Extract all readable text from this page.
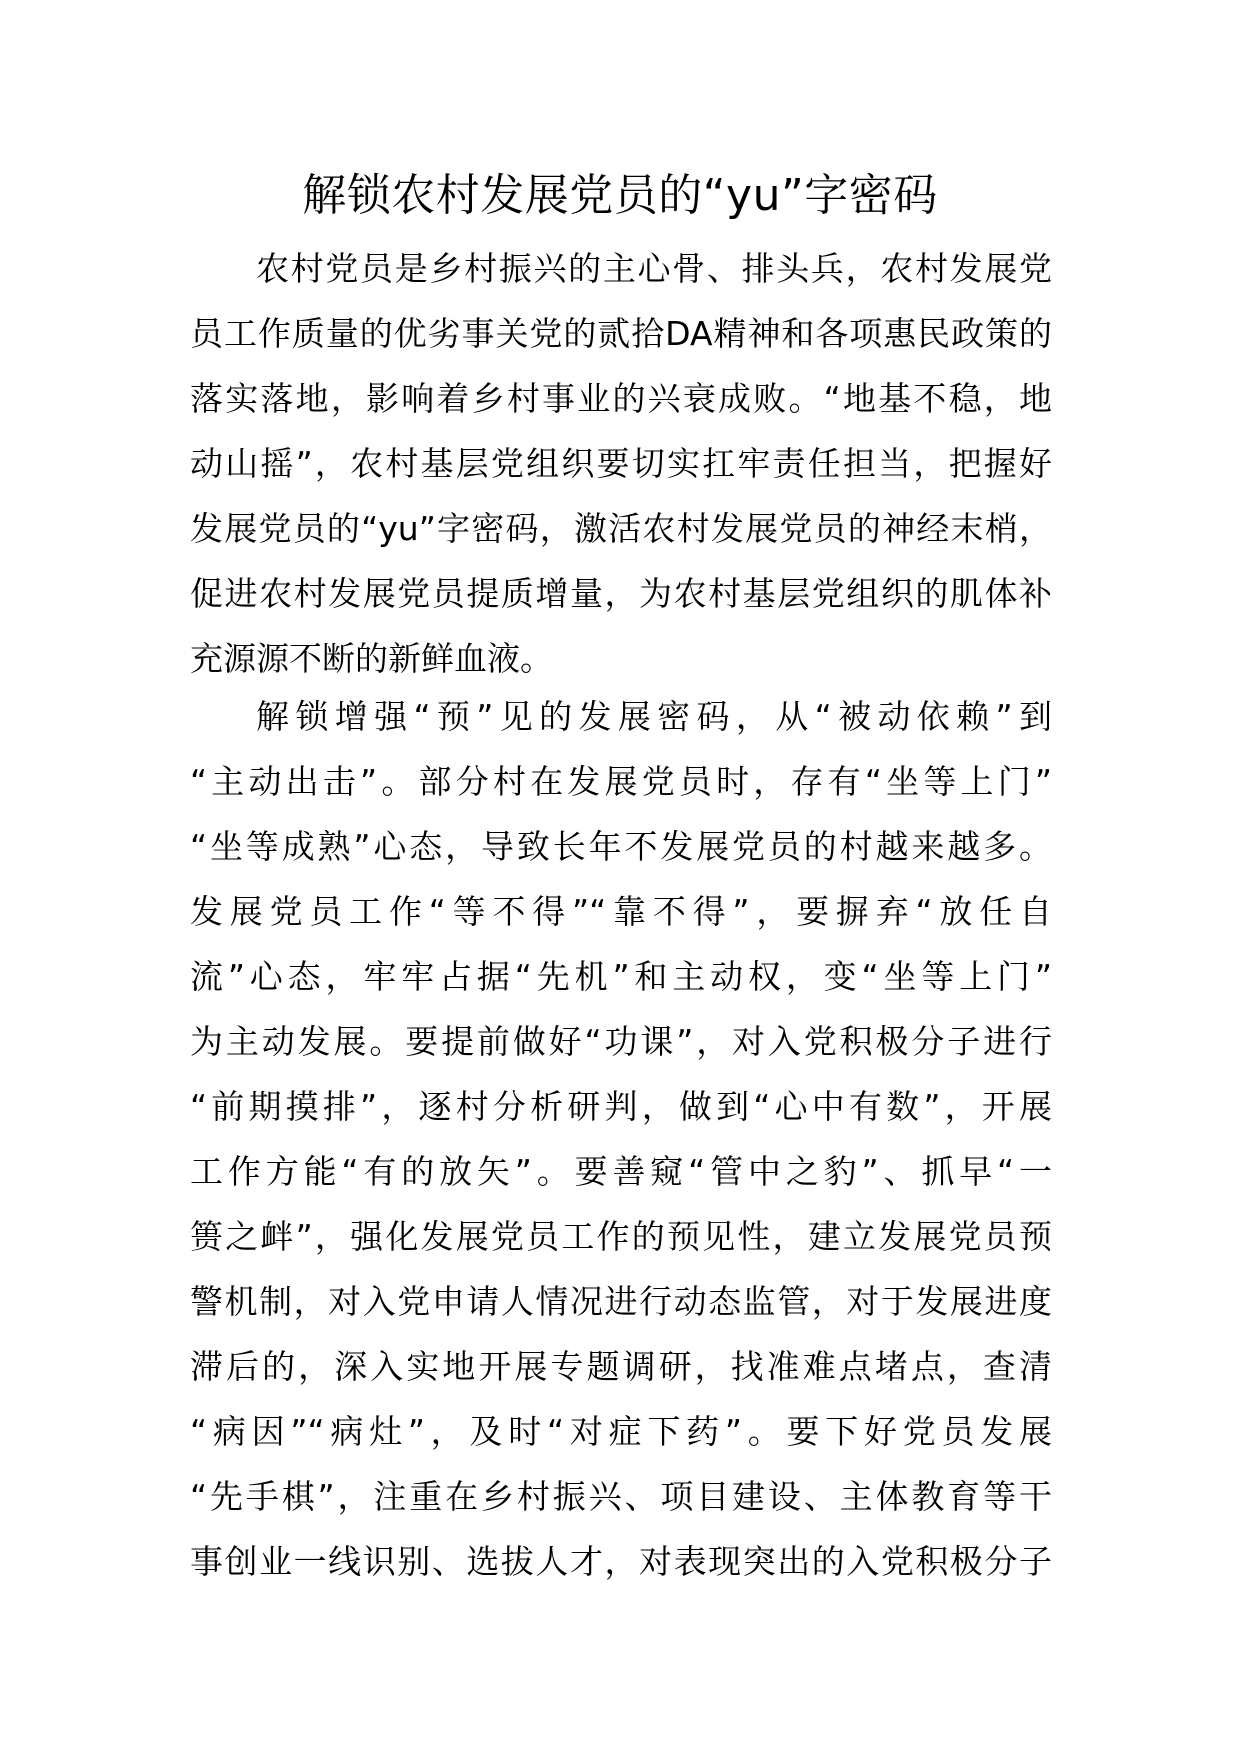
解锁农村发展党员的“yu”字密码
农村党员是乡村振兴的主心骨、排头兵，农村发展党
员工作质量的优劣事关党的贰拾DA精神和各项惠民政策的
落实落地，影响着乡村事业的兴衰成败。“地基不稳，地
动山摇”，农村基层党组织要切实扛牢责任担当，把握好
发展党员的“yu”字密码，激活农村发展党员的神经末梢，
促进农村发展党员提质增量，为农村基层党组织的肌体补
充源源不断的新鲜血液。
解锁增强“预”见的发展密码，从“被动依赖”到
“主动出击”。部分村在发展党员时，存有“坐等上门”
“坐等成熟”心态，导致长年不发展党员的村越来越多。
发展党员工作“等不得”“靠不得”，要摒弃“放任自
流”心态，牢牢占据“先机”和主动权，变“坐等上门”
为主动发展。要提前做好“功课”，对入党积极分子进行
“前期摸排”，逐村分析研判，做到“心中有数”，开展
工作方能“有的放矢”。要善窥“管中之豹”、抓早“一
篑之衅”，强化发展党员工作的预见性，建立发展党员预
警机制，对入党申请人情况进行动态监管，对于发展进度
滞后的，深入实地开展专题调研，找准难点堵点，查清
“病因”“病灶”，及时“对症下药”。要下好党员发展
“先手棋”，注重在乡村振兴、项目建设、主体教育等干
事创业一线识别、选拔人才，对表现突出的入党积极分子
